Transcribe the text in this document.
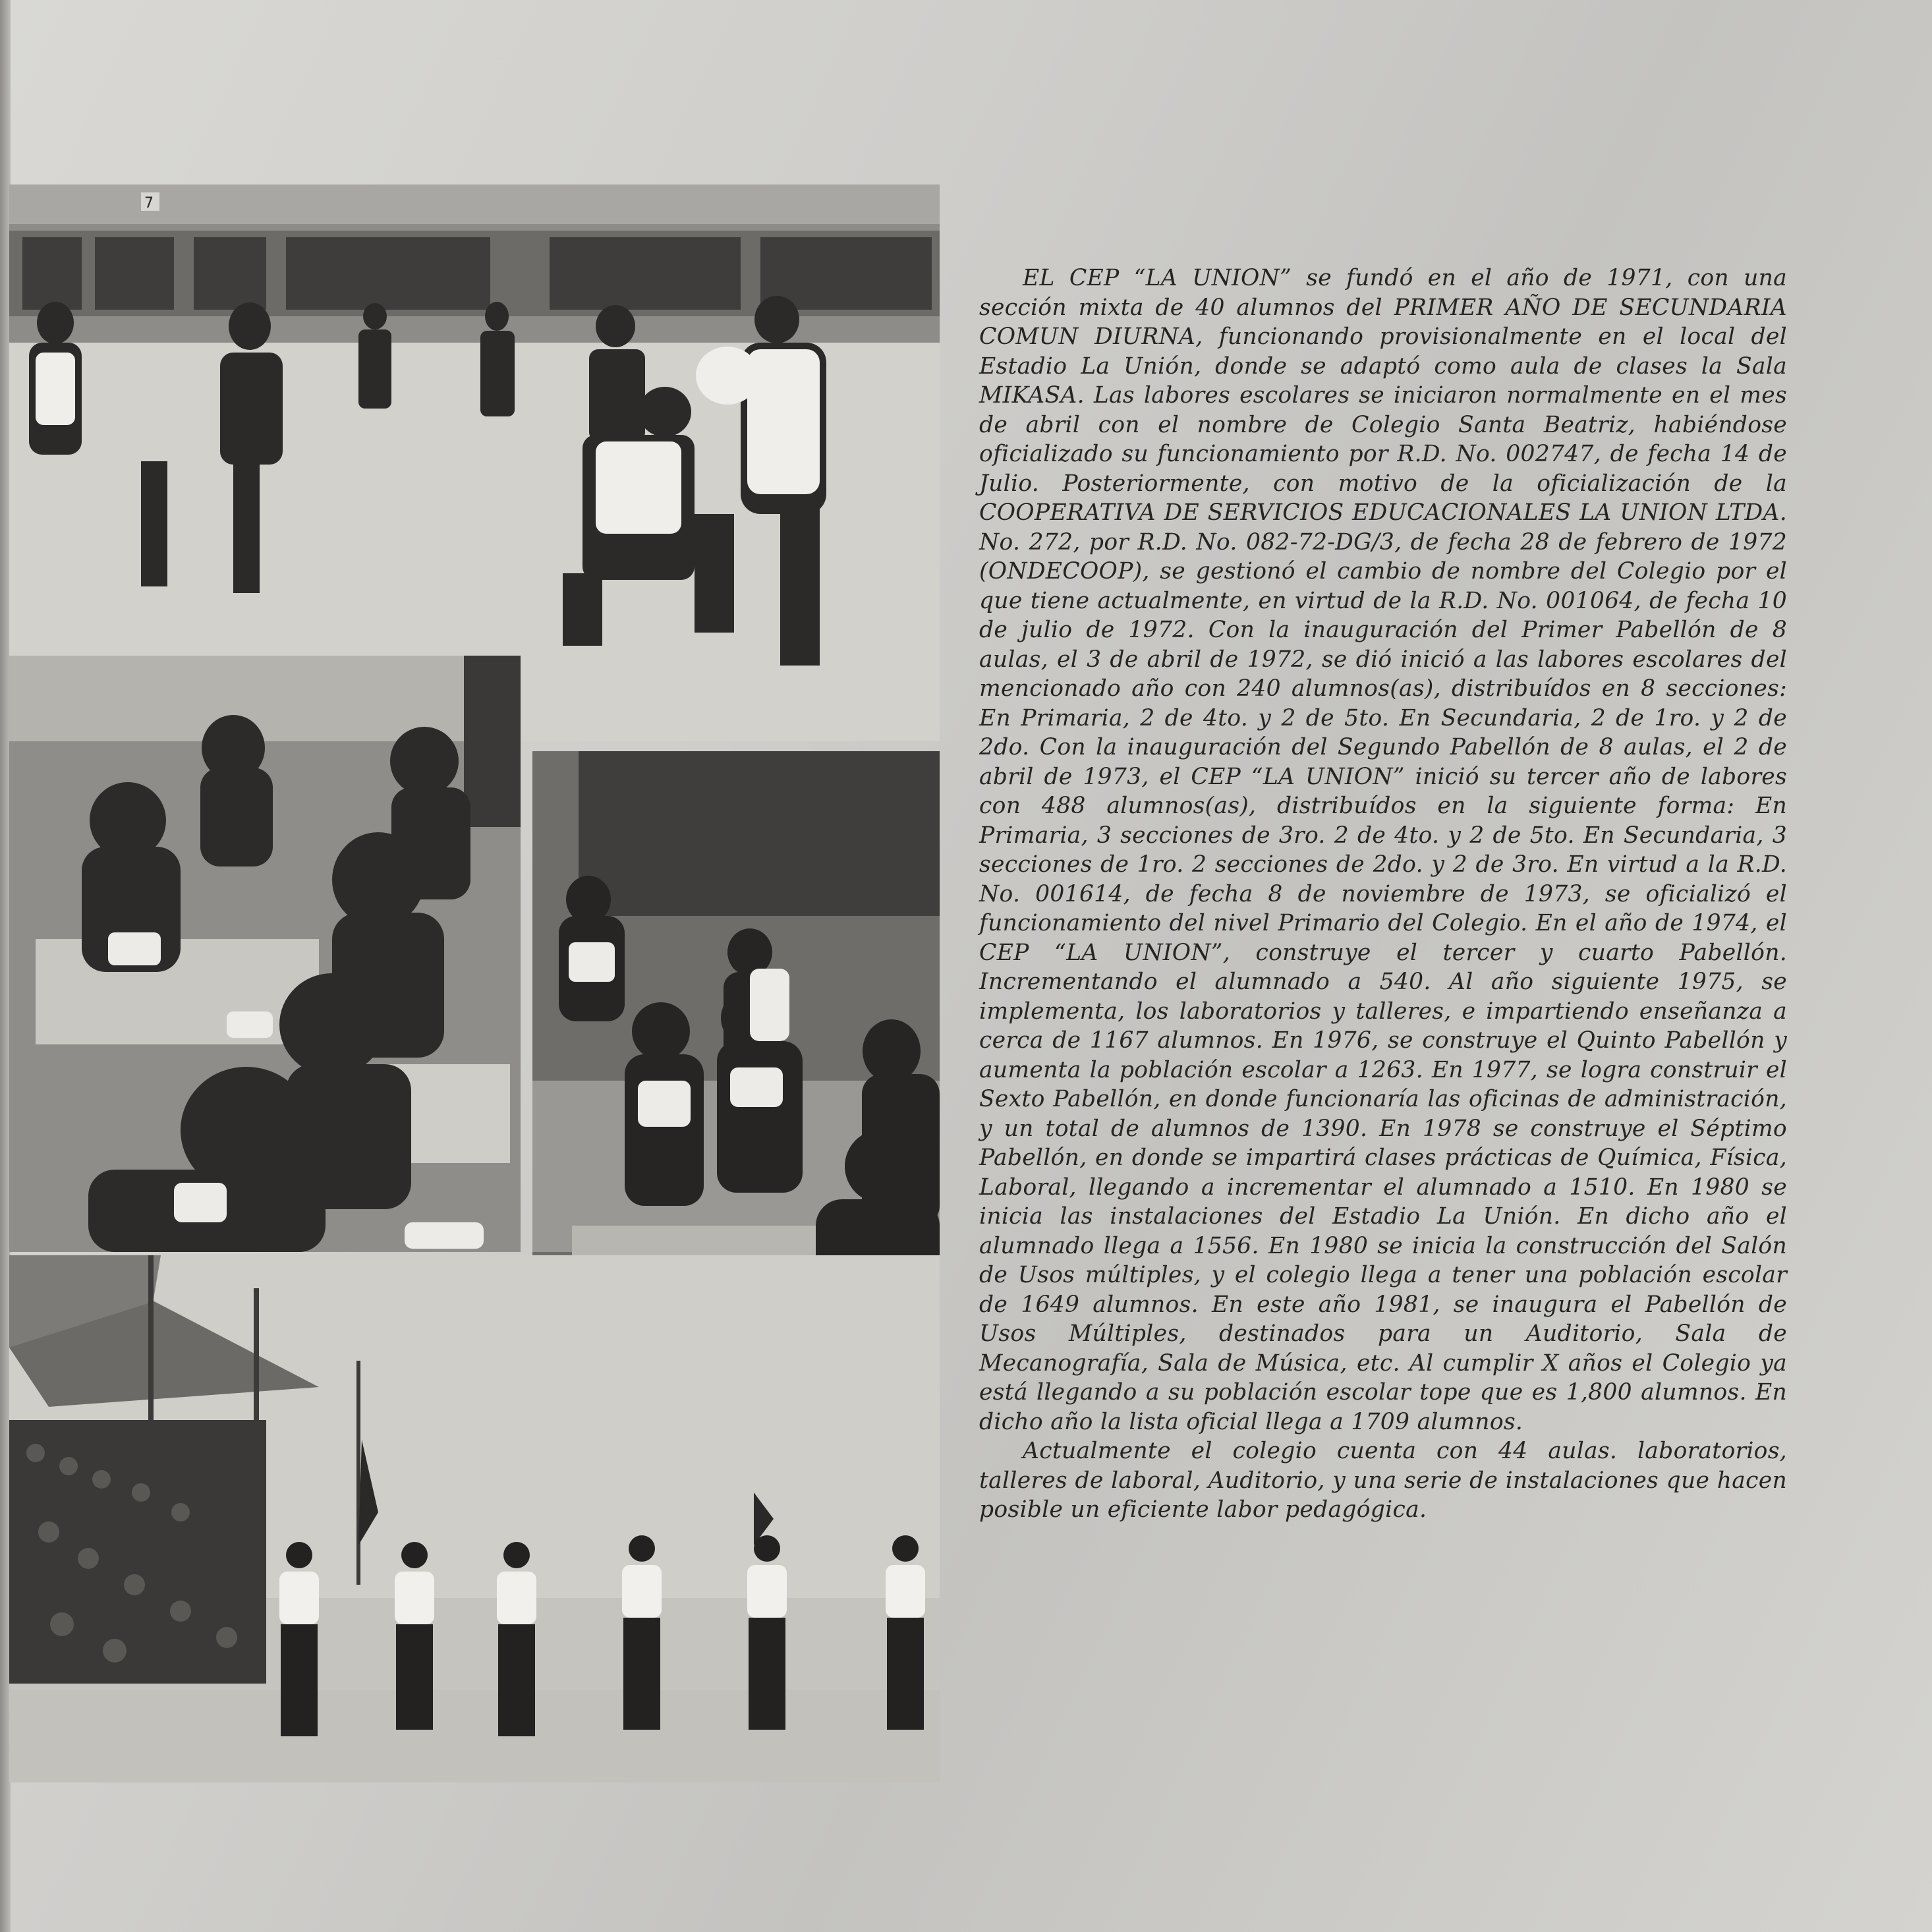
7

EL CEP “LA UNION” se fundó en el año de 1971, con una sección mixta de 40 alumnos del PRIMER AÑO DE SECUNDARIA COMUN DIURNA, funcionando provisionalmente en el local del Estadio La Unión, donde se adaptó como aula de clases la Sala MIKASA. Las labores escolares se iniciaron normalmente en el mes de abril con el nombre de Colegio Santa Beatriz, habiéndose oficializado su funcionamiento por R.D. No. 002747, de fecha 14 de Julio. Posteriormente, con motivo de la oficialización de la COOPERATIVA DE SERVICIOS EDUCACIONALES LA UNION LTDA. No. 272, por R.D. No. 082-72-DG/3, de fecha 28 de febrero de 1972 (ONDECOOP), se gestionó el cambio de nombre del Colegio por el que tiene actualmente, en virtud de la R.D. No. 001064, de fecha 10 de julio de 1972. Con la inauguración del Primer Pabellón de 8 aulas, el 3 de abril de 1972, se dió inició a las labores escolares del mencionado año con 240 alumnos(as), distribuídos en 8 secciones: En Primaria, 2 de 4to. y 2 de 5to. En Secundaria, 2 de 1ro. y 2 de 2do. Con la inauguración del Segundo Pabellón de 8 aulas, el 2 de abril de 1973, el CEP “LA UNION” inició su tercer año de labores con 488 alumnos(as), distribuídos en la siguiente forma: En Primaria, 3 secciones de 3ro. 2 de 4to. y 2 de 5to. En Secundaria, 3 secciones de 1ro. 2 secciones de 2do. y 2 de 3ro. En virtud a la R.D. No. 001614, de fecha 8 de noviembre de 1973, se oficializó el funcionamiento del nivel Primario del Colegio. En el año de 1974, el CEP “LA UNION”, construye el tercer y cuarto Pabellón. Incrementando el alumnado a 540. Al año siguiente 1975, se implementa, los laboratorios y talleres, e impartiendo enseñanza a cerca de 1167 alumnos. En 1976, se construye el Quinto Pabellón y aumenta la población escolar a 1263. En 1977, se logra construir el Sexto Pabellón, en donde funcionaría las oficinas de administración, y un total de alumnos de 1390. En 1978 se construye el Séptimo Pabellón, en donde se impartirá clases prácticas de Química, Física, Laboral, llegando a incrementar el alumnado a 1510. En 1980 se inicia las instalaciones del Estadio La Unión. En dicho año el alumnado llega a 1556. En 1980 se inicia la construcción del Salón de Usos múltiples, y el colegio llega a tener una población escolar de 1649 alumnos. En este año 1981, se inaugura el Pabellón de Usos Múltiples, destinados para un Auditorio, Sala de Mecanografía, Sala de Música, etc. Al cumplir X años el Colegio ya está llegando a su población escolar tope que es 1,800 alumnos. En dicho año la lista oficial llega a 1709 alumnos.

Actualmente el colegio cuenta con 44 aulas. laboratorios, talleres de laboral, Auditorio, y una serie de instalaciones que hacen posible un eficiente labor pedagógica.
